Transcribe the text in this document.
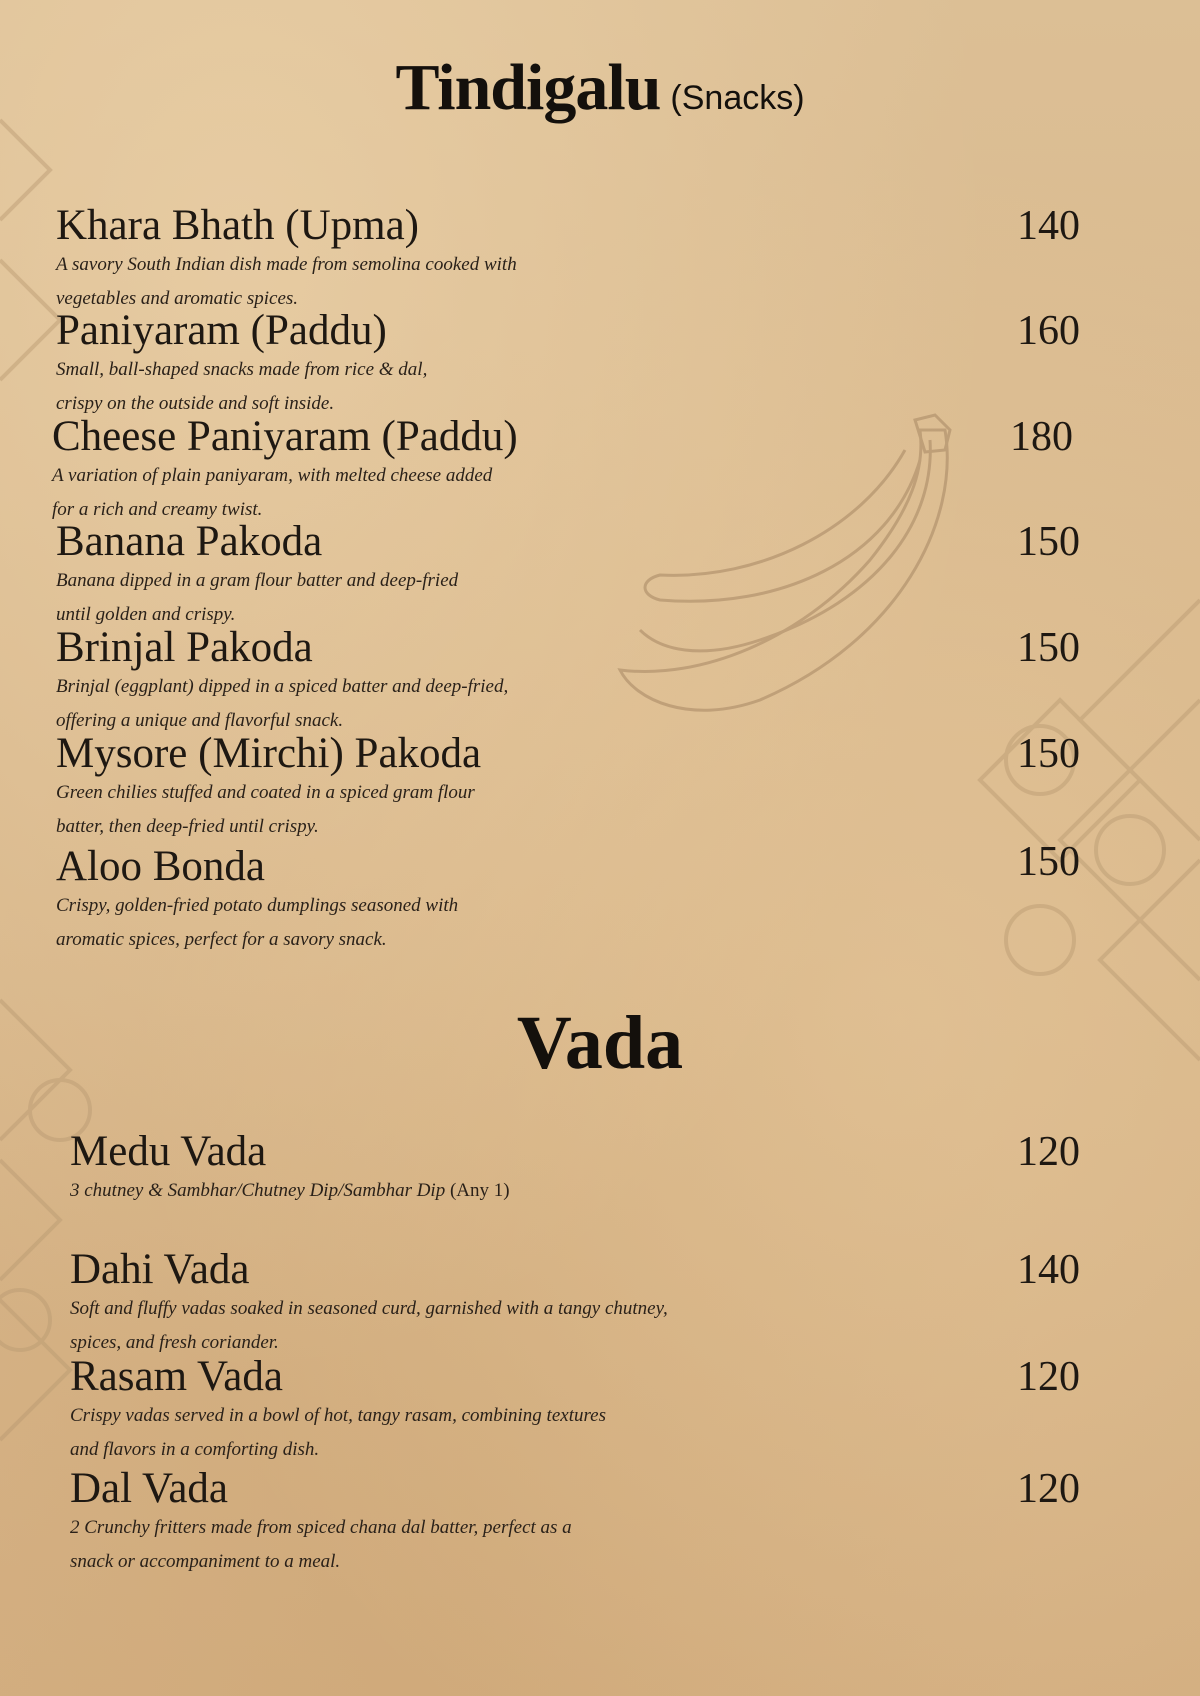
Tindigalu (Snacks)
Khara Bhath (Upma)
A savory South Indian dish made from semolina cooked with
vegetables and aromatic spices.
140
Paniyaram (Paddu)
Small, ball-shaped snacks made from rice & dal,
crispy on the outside and soft inside.
160
Cheese Paniyaram (Paddu)
A variation of plain paniyaram, with melted cheese added
for a rich and creamy twist.
180
Banana Pakoda
Banana dipped in a gram flour batter and deep-fried
until golden and crispy.
150
Brinjal Pakoda
Brinjal (eggplant) dipped in a spiced batter and deep-fried,
offering a unique and flavorful snack.
150
Mysore (Mirchi) Pakoda
Green chilies stuffed and coated in a spiced gram flour
batter, then deep-fried until crispy.
150
Aloo Bonda
Crispy, golden-fried potato dumplings seasoned with
aromatic spices, perfect for a savory snack.
150
Vada
Medu Vada
3 chutney & Sambhar/Chutney Dip/Sambhar Dip (Any 1)
120
Dahi Vada
Soft and fluffy vadas soaked in seasoned curd, garnished with a tangy chutney,
spices, and fresh coriander.
140
Rasam Vada
Crispy vadas served in a bowl of hot, tangy rasam, combining textures
and flavors in a comforting dish.
120
Dal Vada
2 Crunchy fritters made from spiced chana dal batter, perfect as a
snack or accompaniment to a meal.
120
